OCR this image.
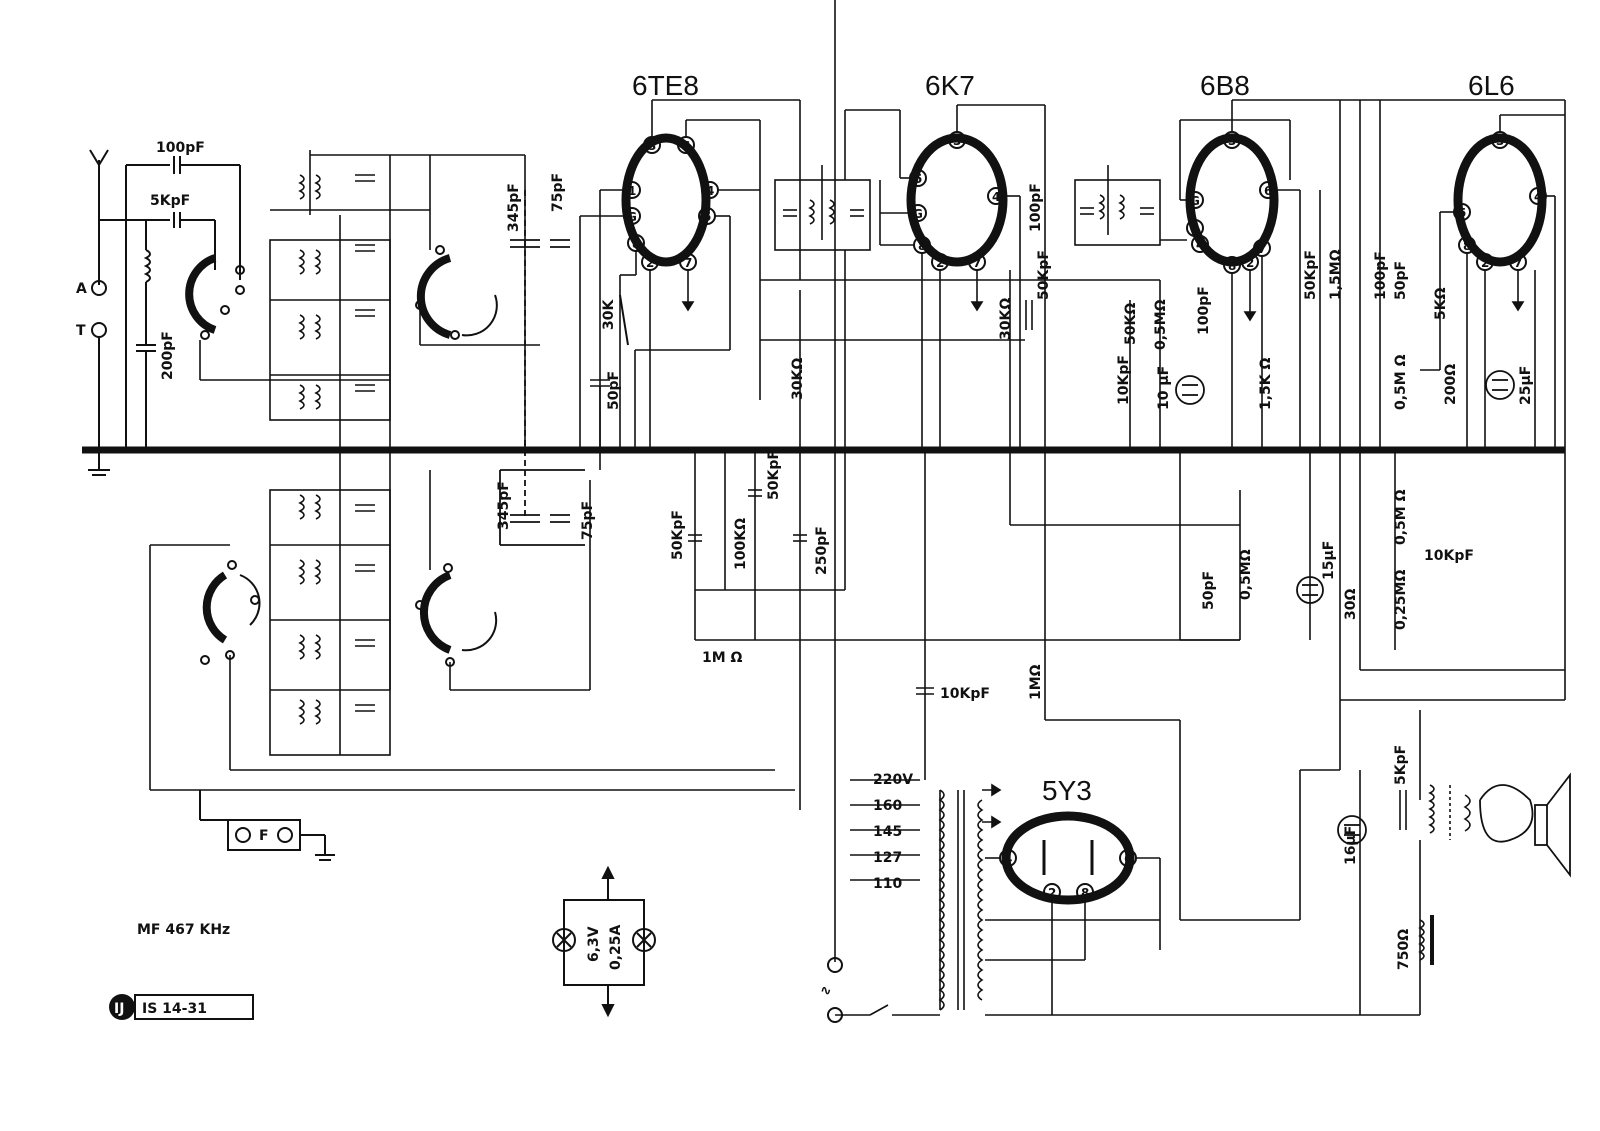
A
T
100pF
5KpF
200pF
345pF 75pF
345pF	75pF
6TE8
3 6
1	4
G	5
8
2 7
30K
50pF	30KΩ
6K7
3
5
4
G
8
2 7
100pF
30KΩ
50KpF
6B8
3
G
6
5
4
8 2
7
50KΩ 0,5MΩ 100pF
10KpF 10 μF	1,5K Ω
50KpF 1,5MΩ 100pF
6L6
3
5
4
8
2 7
50pF
5KΩ
0,5M Ω 200Ω	25μF
50KpF	100KΩ
50KpF
250pF
1M Ω
10KpF	1MΩ
50pF 0,5MΩ	15μF
30Ω
0,5M Ω
10KpF
0,25MΩ
220V
160
145
127
110
∿
5Y3
4	6
2 8
5KpF
16μF
750Ω
F
6,3V 0,25A
MF 467 KHz
IJ IS 14-31
